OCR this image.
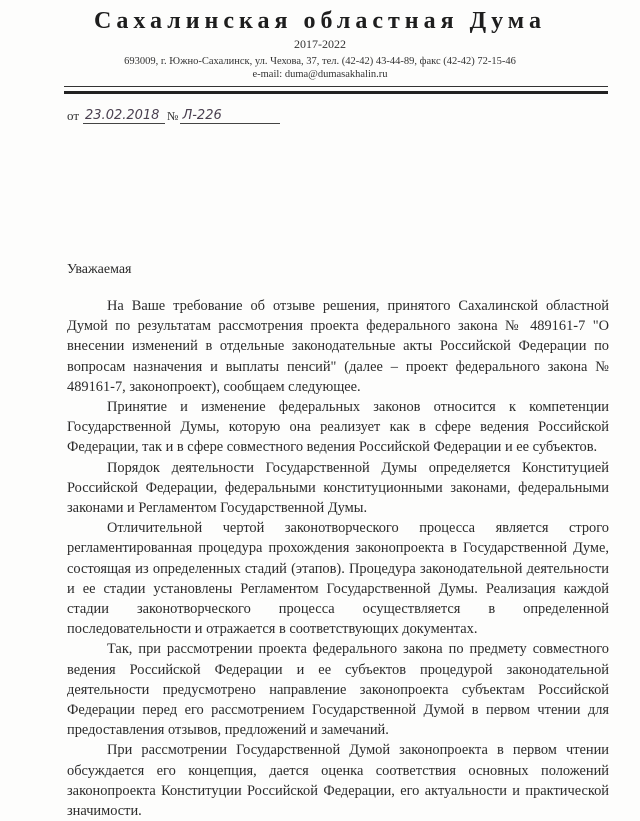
Сахалинская областная Дума
2017-2022
693009, г. Южно-Сахалинск, ул. Чехова, 37, тел. (42-42) 43-44-89, факс (42-42) 72-15-46
e-mail: duma@dumasakhalin.ru
от 23.02.2018 № Л-226
Уважаемая

На Ваше требование об отзыве решения, принятого Сахалинской областной Думой по результатам рассмотрения проекта федерального закона № 489161-7 "О внесении изменений в отдельные законодательные акты Российской Федерации по вопросам назначения и выплаты пенсий" (далее – проект федерального закона № 489161-7, законопроект), сообщаем следующее.

Принятие и изменение федеральных законов относится к компетенции Государственной Думы, которую она реализует как в сфере ведения Российской Федерации, так и в сфере совместного ведения Российской Федерации и ее субъектов.

Порядок деятельности Государственной Думы определяется Конституцией Российской Федерации, федеральными конституционными законами, федеральными законами и Регламентом Государственной Думы.

Отличительной чертой законотворческого процесса является строго регламентированная процедура прохождения законопроекта в Государственной Думе, состоящая из определенных стадий (этапов). Процедура законодательной деятельности и ее стадии установлены Регламентом Государственной Думы. Реализация каждой стадии законотворческого процесса осуществляется в определенной последовательности и отражается в соответствующих документах.

Так, при рассмотрении проекта федерального закона по предмету совместного ведения Российской Федерации и ее субъектов процедурой законодательной деятельности предусмотрено направление законопроекта субъектам Российской Федерации перед его рассмотрением Государственной Думой в первом чтении для предоставления отзывов, предложений и замечаний.

При рассмотрении Государственной Думой законопроекта в первом чтении обсуждается его концепция, дается оценка соответствия основных положений законопроекта Конституции Российской Федерации, его актуальности и практической значимости.
